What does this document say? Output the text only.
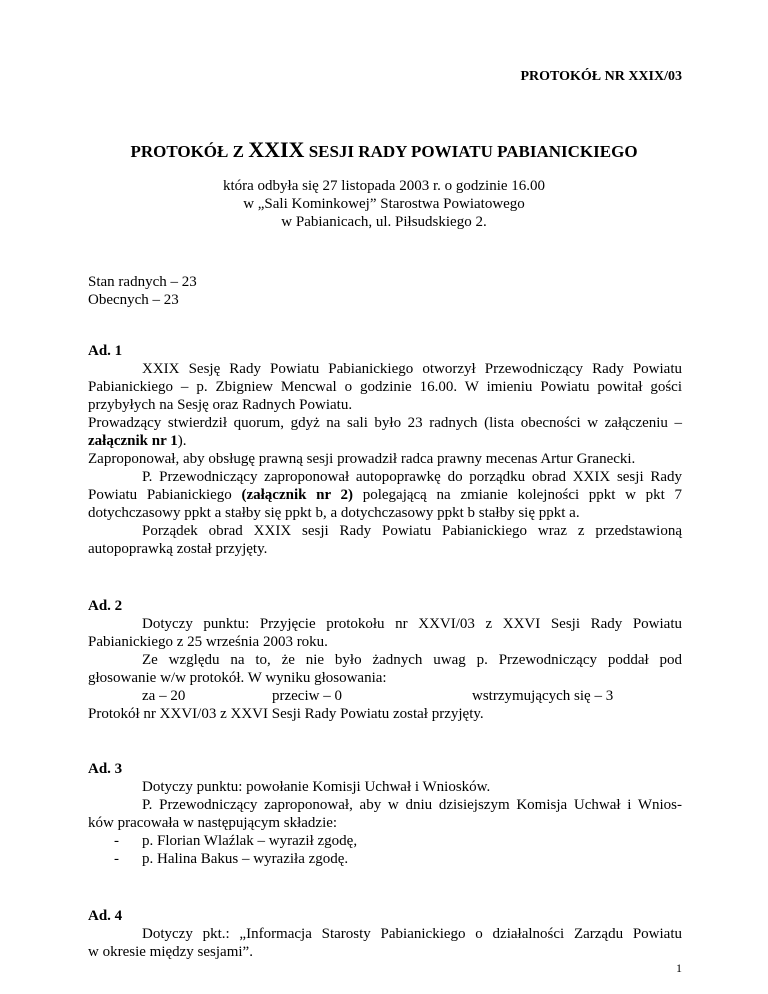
PROTOKÓŁ NR XXIX/03
PROTOKÓŁ Z XXIX SESJI RADY POWIATU PABIANICKIEGO
która odbyła się 27 listopada 2003 r. o godzinie 16.00
w „Sali Kominkowej” Starostwa Powiatowego
w Pabianicach, ul. Piłsudskiego 2.
Stan radnych – 23
Obecnych – 23
Ad. 1
XXIX Sesję Rady Powiatu Pabianickiego otworzył Przewodniczący Rady Powiatu
Pabianickiego – p. Zbigniew Mencwal o godzinie 16.00. W imieniu Powiatu powitał gości
przybyłych na Sesję oraz Radnych Powiatu.
Prowadzący stwierdził quorum, gdyż na sali było 23 radnych (lista obecności w załączeniu –
załącznik nr 1).
Zaproponował, aby obsługę prawną sesji prowadził radca prawny mecenas Artur Granecki.
P. Przewodniczący zaproponował autopoprawkę do porządku obrad XXIX sesji Rady
Powiatu Pabianickiego (załącznik nr 2) polegającą na zmianie kolejności ppkt w pkt 7
dotychczasowy ppkt a stałby się ppkt b, a dotychczasowy ppkt b stałby się ppkt a.
Porządek obrad XXIX sesji Rady Powiatu Pabianickiego wraz z przedstawioną
autopoprawką został przyjęty.
Ad. 2
Dotyczy punktu: Przyjęcie protokołu nr XXVI/03 z XXVI Sesji Rady Powiatu
Pabianickiego z 25 września 2003 roku.
Ze względu na to, że nie było żadnych uwag p. Przewodniczący poddał pod
głosowanie w/w protokół. W wyniku głosowania:
za – 20	przeciw – 0	wstrzymujących się – 3
Protokół nr XXVI/03 z XXVI Sesji Rady Powiatu został przyjęty.
Ad. 3
Dotyczy punktu: powołanie Komisji Uchwał i Wniosków.
P. Przewodniczący zaproponował, aby w dniu dzisiejszym Komisja Uchwał i Wnios-
ków pracowała w następującym składzie:
- p. Florian Wlaźlak – wyraził zgodę,
- p. Halina Bakus – wyraziła zgodę.
Ad. 4
Dotyczy pkt.: „Informacja Starosty Pabianickiego o działalności Zarządu Powiatu
w okresie między sesjami”.
1
